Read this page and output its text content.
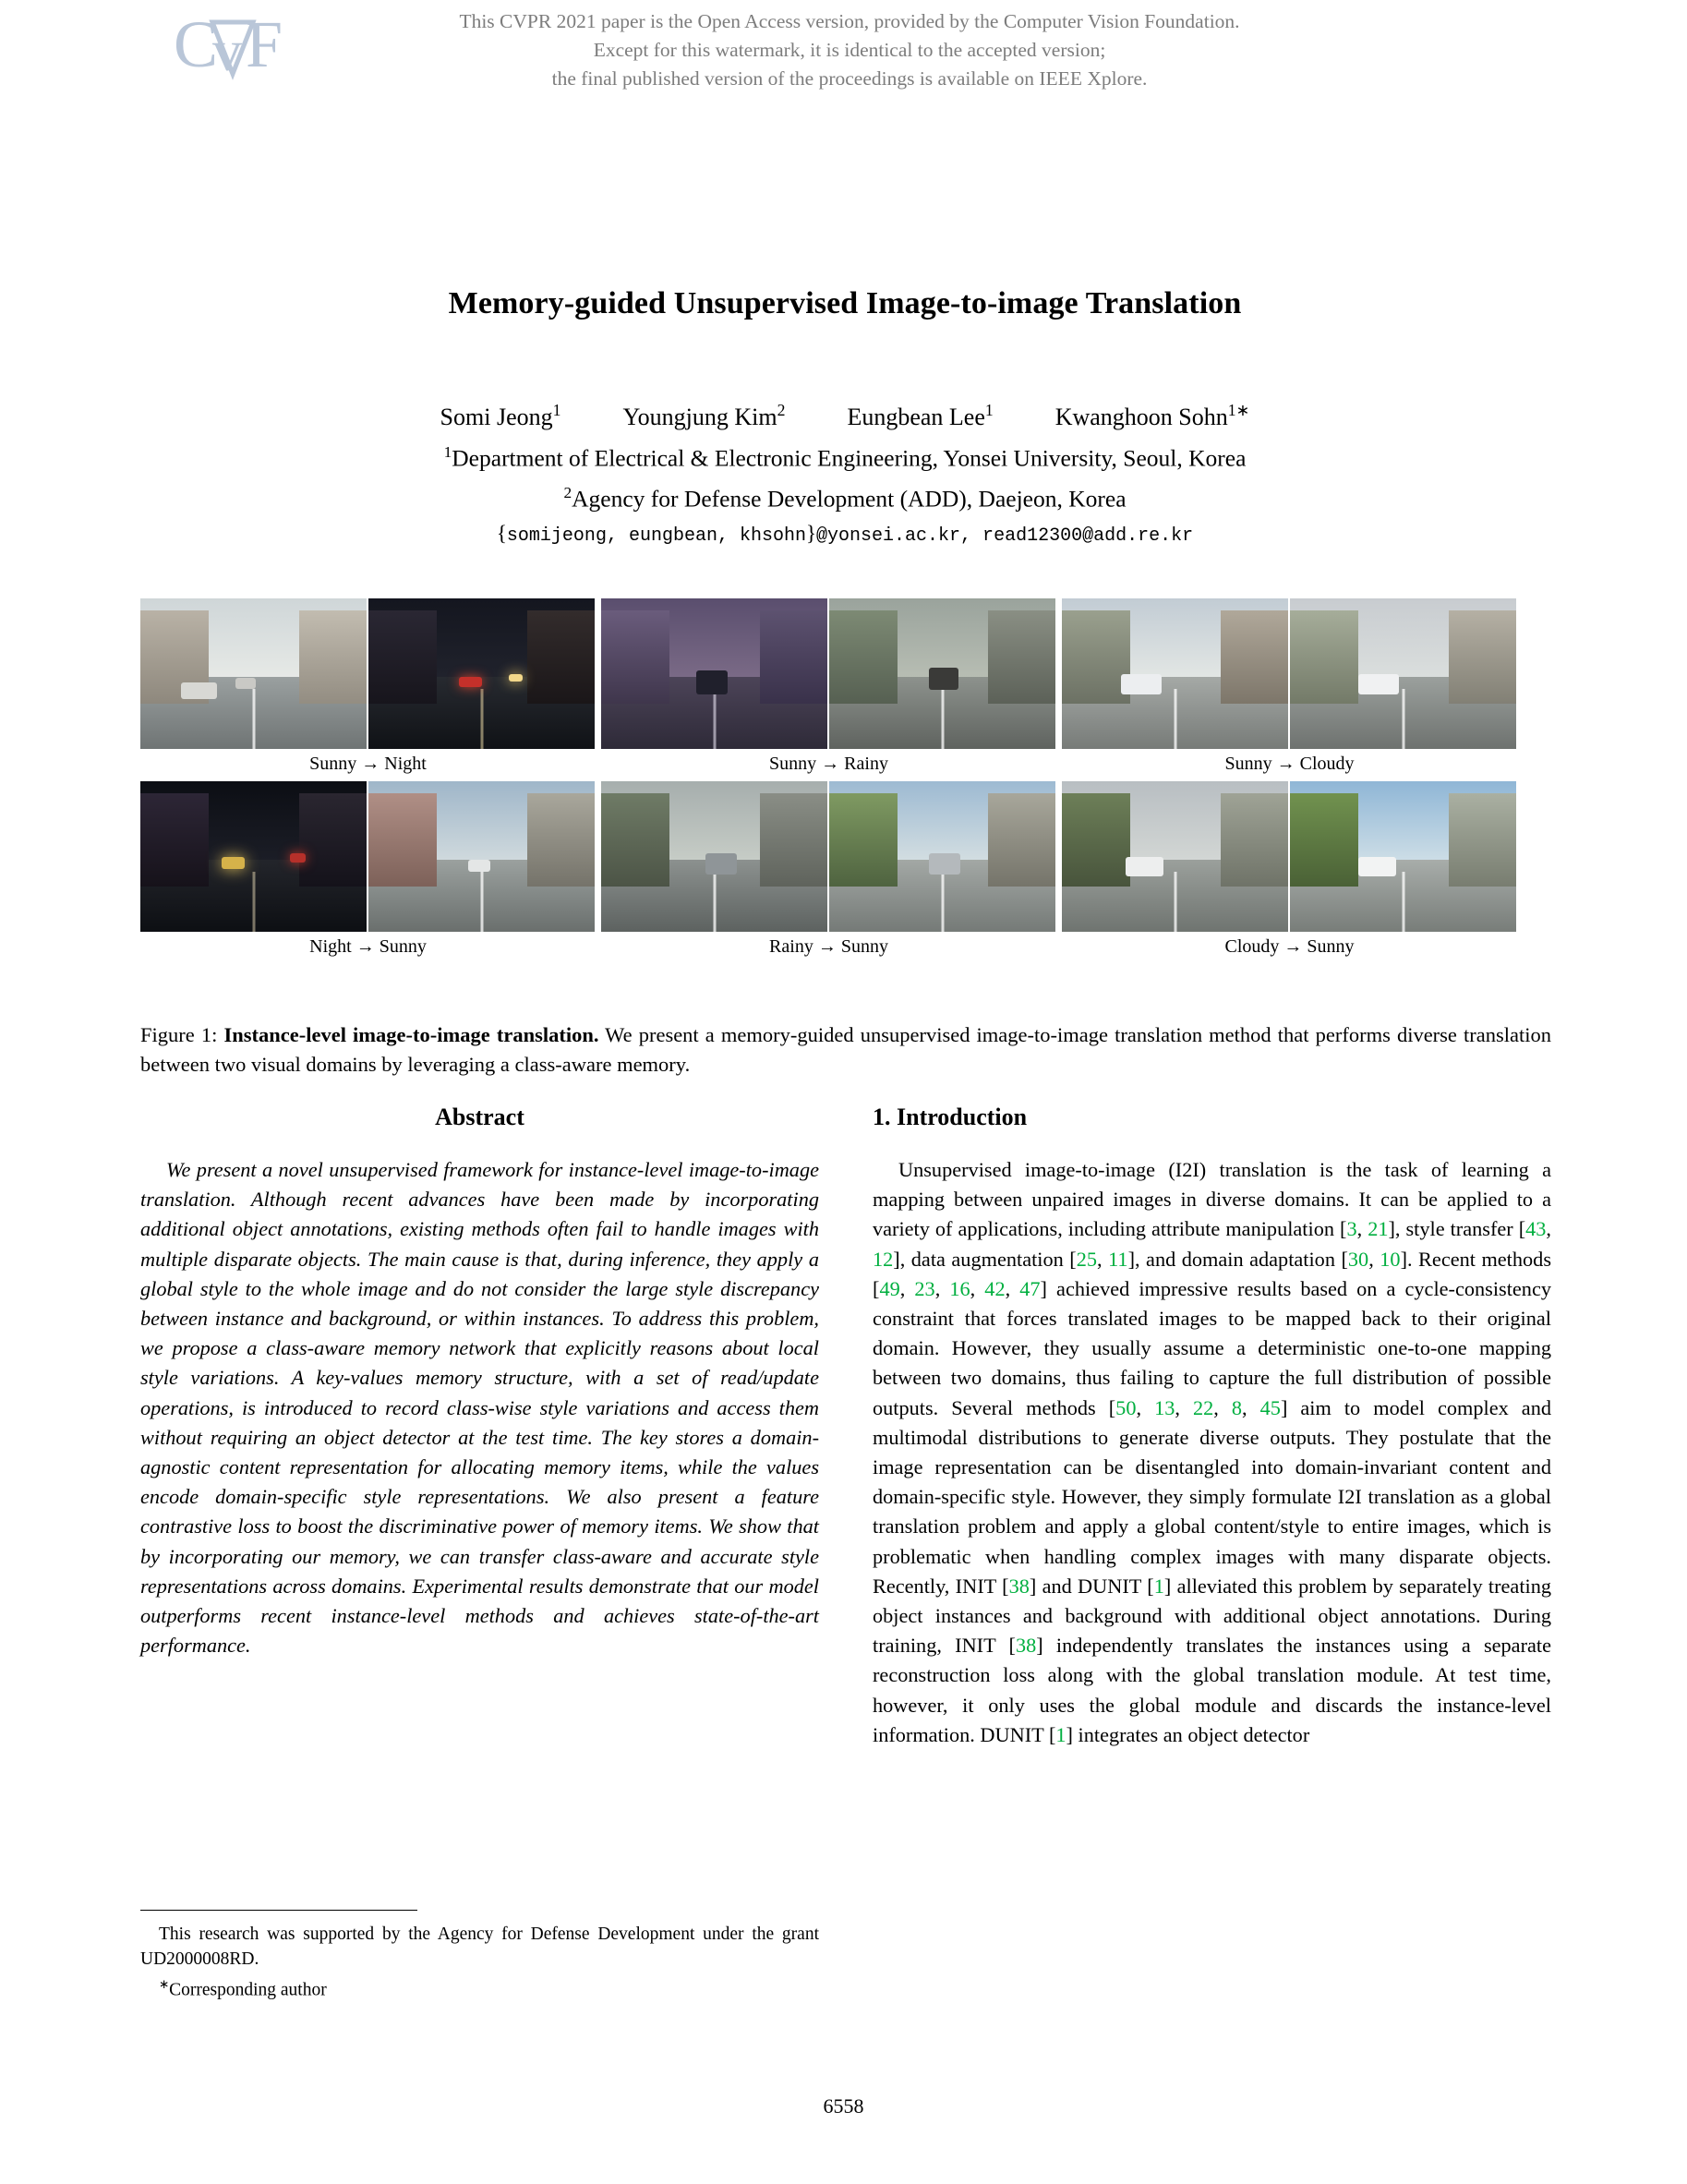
C
v F	This CVPR 2021 paper is the Open Access version, provided by the Computer Vision Foundation.
Except for this watermark, it is identical to the accepted version;
the final published version of the proceedings is available on IEEE Xplore.
Memory-guided Unsupervised Image-to-image Translation
Somi Jeong$^1$	Youngjung Kim$^2$	Eungbean Lee$^1$	Kwanghoon Sohn$^{1∗}$
$^1$Department of Electrical & Electronic Engineering, Yonsei University, Seoul, Korea
$^2$Agency for Defense Development (ADD), Daejeon, Korea
{somijeong, eungbean, khsohn}@yonsei.ac.kr, read12300@add.re.kr
Sunny → Night	Sunny → Rainy	Sunny → Cloudy
Night → Sunny	Rainy → Sunny	Cloudy → Sunny
Figure 1: Instance-level image-to-image translation. We present a memory-guided unsupervised image-to-image translation method that performs diverse translation between two visual domains by leveraging a class-aware memory.
Abstract
We present a novel unsupervised framework for instance-level image-to-image translation. Although recent advances have been made by incorporating additional object annotations, existing methods often fail to handle images with multiple disparate objects. The main cause is that, during inference, they apply a global style to the whole image and do not consider the large style discrepancy between instance and background, or within instances. To address this problem, we propose a class-aware memory network that explicitly reasons about local style variations. A key-values memory structure, with a set of read/update operations, is introduced to record class-wise style variations and access them without requiring an object detector at the test time. The key stores a domain-agnostic content representation for allocating memory items, while the values encode domain-specific style representations. We also present a feature contrastive loss to boost the discriminative power of memory items. We show that by incorporating our memory, we can transfer class-aware and accurate style representations across domains. Experimental results demonstrate that our model outperforms recent instance-level methods and achieves state-of-the-art performance.
1. Introduction
Unsupervised image-to-image (I2I) translation is the task of learning a mapping between unpaired images in diverse domains. It can be applied to a variety of applications, including attribute manipulation [3, 21], style transfer [43, 12], data augmentation [25, 11], and domain adaptation [30, 10]. Recent methods [49, 23, 16, 42, 47] achieved impressive results based on a cycle-consistency constraint that forces translated images to be mapped back to their original domain. However, they usually assume a deterministic one-to-one mapping between two domains, thus failing to capture the full distribution of possible outputs. Several methods [50, 13, 22, 8, 45] aim to model complex and multimodal distributions to generate diverse outputs. They postulate that the image representation can be disentangled into domain-invariant content and domain-specific style. However, they simply formulate I2I translation as a global translation problem and apply a global content/style to entire images, which is problematic when handling complex images with many disparate objects. Recently, INIT [38] and DUNIT [1] alleviated this problem by separately treating object instances and background with additional object annotations. During training, INIT [38] independently translates the instances using a separate reconstruction loss along with the global translation module. At test time, however, it only uses the global module and discards the instance-level information. DUNIT [1] integrates an object detector
This research was supported by the Agency for Defense Development under the grant UD2000008RD.
∗Corresponding author
6558
